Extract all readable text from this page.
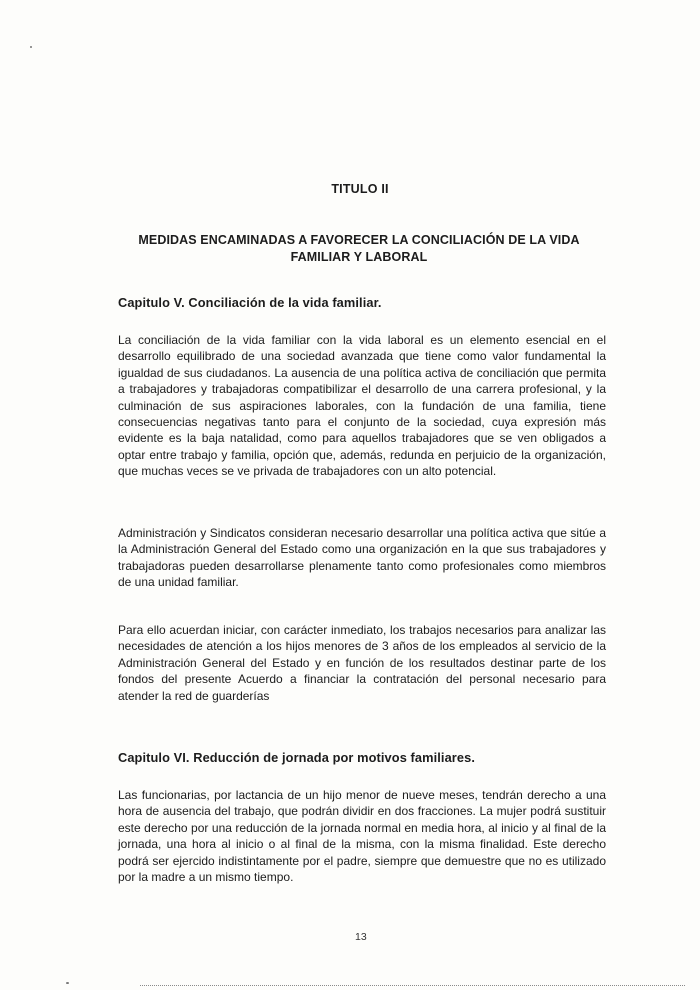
TITULO II
MEDIDAS ENCAMINADAS A FAVORECER LA CONCILIACIÓN DE LA VIDA FAMILIAR Y LABORAL
Capitulo V. Conciliación de la vida familiar.

La conciliación de la vida familiar con la vida laboral es un elemento esencial en el desarrollo equilibrado de una sociedad avanzada que tiene como valor fundamental la igualdad de sus ciudadanos. La ausencia de una política activa de conciliación que permita a trabajadores y trabajadoras compatibilizar el desarrollo de una carrera profesional, y la culminación de sus aspiraciones laborales, con la fundación de una familia, tiene consecuencias negativas tanto para el conjunto de la sociedad, cuya expresión más evidente es la baja natalidad, como para aquellos trabajadores que se ven obligados a optar entre trabajo y familia, opción que, además, redunda en perjuicio de la organización, que muchas veces se ve privada de trabajadores con un alto potencial.

Administración y Sindicatos consideran necesario desarrollar una política activa que sitúe a la Administración General del Estado como una organización en la que sus trabajadores y trabajadoras pueden desarrollarse plenamente tanto como profesionales como miembros de una unidad familiar.

Para ello acuerdan iniciar, con carácter inmediato, los trabajos necesarios para analizar las necesidades de atención a los hijos menores de 3 años de los empleados al servicio de la Administración General del Estado y en función de los resultados destinar parte de los fondos del presente Acuerdo a financiar la contratación del personal necesario para atender la red de guarderías

Capitulo VI. Reducción de jornada por motivos familiares.

Las funcionarias, por lactancia de un hijo menor de nueve meses, tendrán derecho a una hora de ausencia del trabajo, que podrán dividir en dos fracciones. La mujer podrá sustituir este derecho por una reducción de la jornada normal en media hora, al inicio y al final de la jornada, una hora al inicio o al final de la misma, con la misma finalidad. Este derecho podrá ser ejercido indistintamente por el padre, siempre que demuestre que no es utilizado por la madre a un mismo tiempo.

13
